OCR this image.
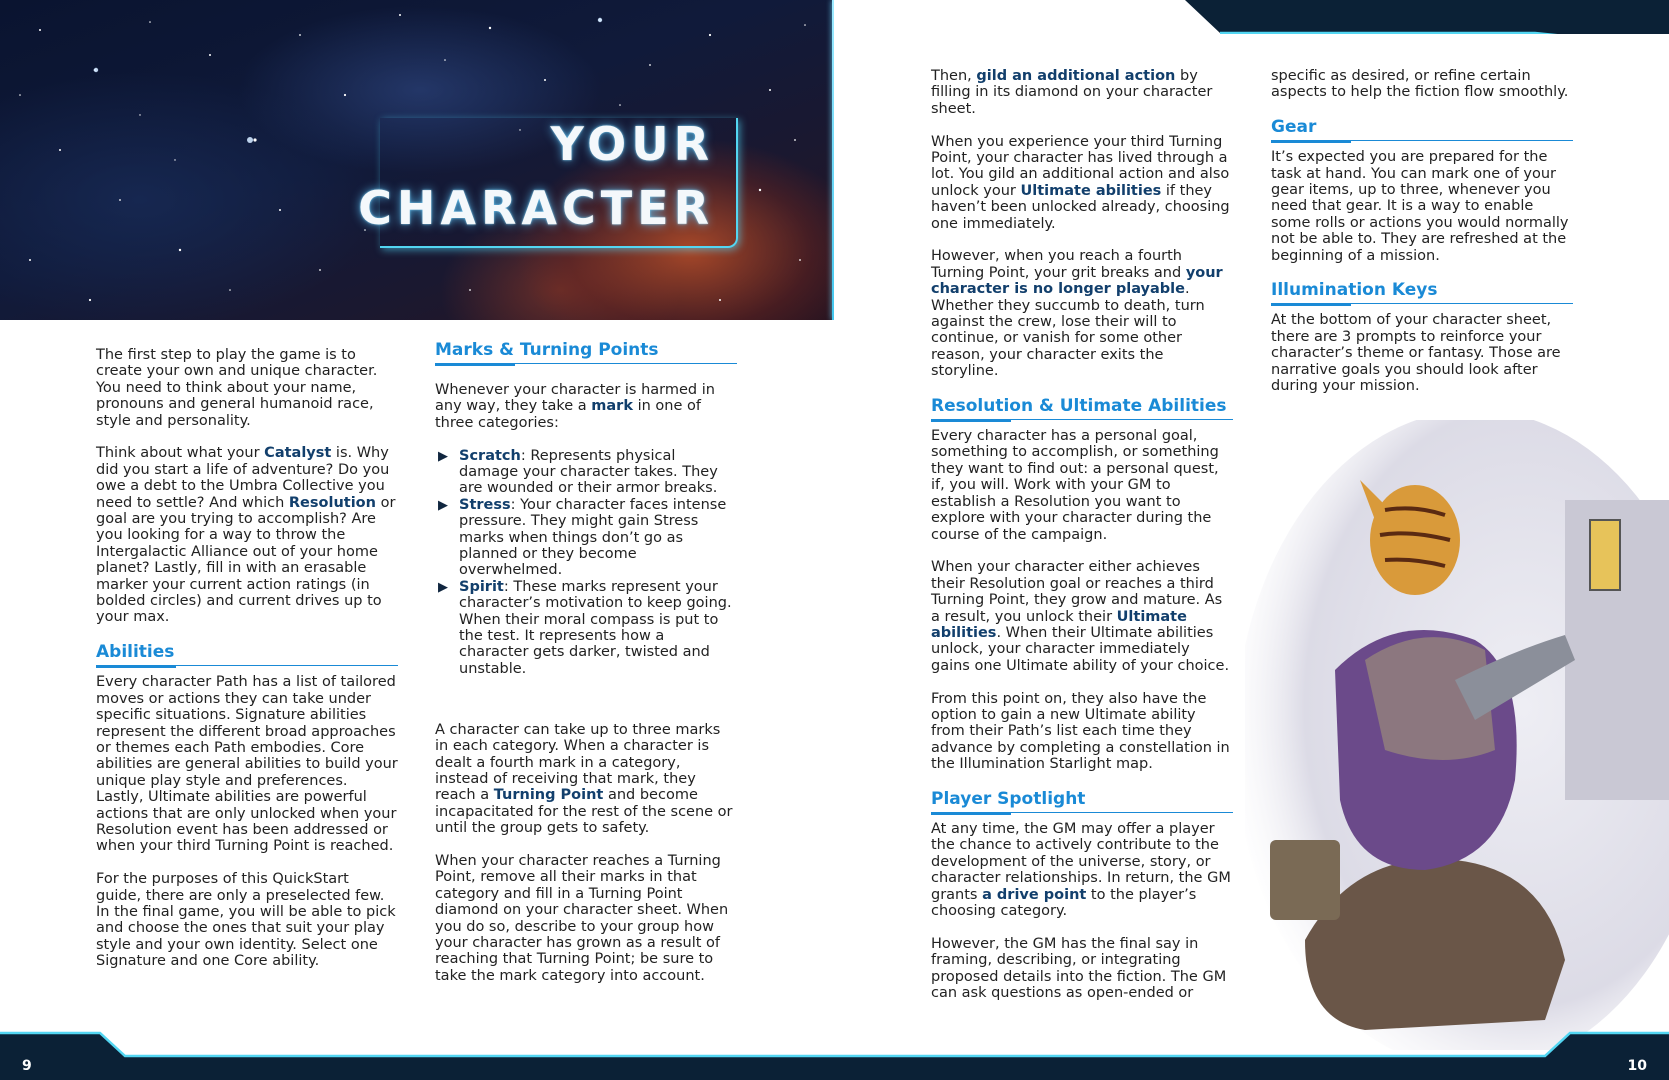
YOUR
CHARACTER

The first step to play the game is to create your own and unique character. You need to think about your name, pronouns and general humanoid race, style and personality.

Think about what your Catalyst is. Why did you start a life of adventure? Do you owe a debt to the Umbra Collective you need to settle? And which Resolution or goal are you trying to accomplish? Are you looking for a way to throw the Intergalactic Alliance out of your home planet? Lastly, fill in with an erasable marker your current action ratings (in bolded circles) and current drives up to your max.

Abilities

Every character Path has a list of tailored moves or actions they can take under specific situations. Signature abilities represent the different broad approaches or themes each Path embodies. Core abilities are general abilities to build your unique play style and preferences. Lastly, Ultimate abilities are powerful actions that are only unlocked when your Resolution event has been addressed or when your third Turning Point is reached.

For the purposes of this QuickStart guide, there are only a preselected few. In the final game, you will be able to pick and choose the ones that suit your play style and your own identity. Select one Signature and one Core ability.

Marks & Turning Points

Whenever your character is harmed in any way, they take a mark in one of three categories:

▶ Scratch: Represents physical damage your character takes. They are wounded or their armor breaks.
▶ Stress: Your character faces intense pressure. They might gain Stress marks when things don’t go as planned or they become overwhelmed.
▶ Spirit: These marks represent your character’s motivation to keep going. When their moral compass is put to the test. It represents how a character gets darker, twisted and unstable.

A character can take up to three marks in each category. When a character is dealt a fourth mark in a category, instead of receiving that mark, they reach a Turning Point and become incapacitated for the rest of the scene or until the group gets to safety.

When your character reaches a Turning Point, remove all their marks in that category and fill in a Turning Point diamond on your character sheet. When you do so, describe to your group how your character has grown as a result of reaching that Turning Point; be sure to take the mark category into account.

Then, gild an additional action by filling in its diamond on your character sheet.

When you experience your third Turning Point, your character has lived through a lot. You gild an additional action and also unlock your Ultimate abilities if they haven’t been unlocked already, choosing one immediately.

However, when you reach a fourth Turning Point, your grit breaks and your character is no longer playable. Whether they succumb to death, turn against the crew, lose their will to continue, or vanish for some other reason, your character exits the storyline.

Resolution & Ultimate Abilities

Every character has a personal goal, something to accomplish, or something they want to find out: a personal quest, if, you will. Work with your GM to establish a Resolution you want to explore with your character during the course of the campaign.

When your character either achieves their Resolution goal or reaches a third Turning Point, they grow and mature. As a result, you unlock their Ultimate abilities. When their Ultimate abilities unlock, your character immediately gains one Ultimate ability of your choice.

From this point on, they also have the option to gain a new Ultimate ability from their Path’s list each time they advance by completing a constellation in the Illumination Starlight map.

Player Spotlight

At any time, the GM may offer a player the chance to actively contribute to the development of the universe, story, or character relationships. In return, the GM grants a drive point to the player’s choosing category.

However, the GM has the final say in framing, describing, or integrating proposed details into the fiction. The GM can ask questions as open-ended or

specific as desired, or refine certain aspects to help the fiction flow smoothly.

Gear

It’s expected you are prepared for the task at hand. You can mark one of your gear items, up to three, whenever you need that gear. It is a way to enable some rolls or actions you would normally not be able to. They are refreshed at the beginning of a mission.

Illumination Keys

At the bottom of your character sheet, there are 3 prompts to reinforce your character’s theme or fantasy. Those are narrative goals you should look after during your mission.

9	10
